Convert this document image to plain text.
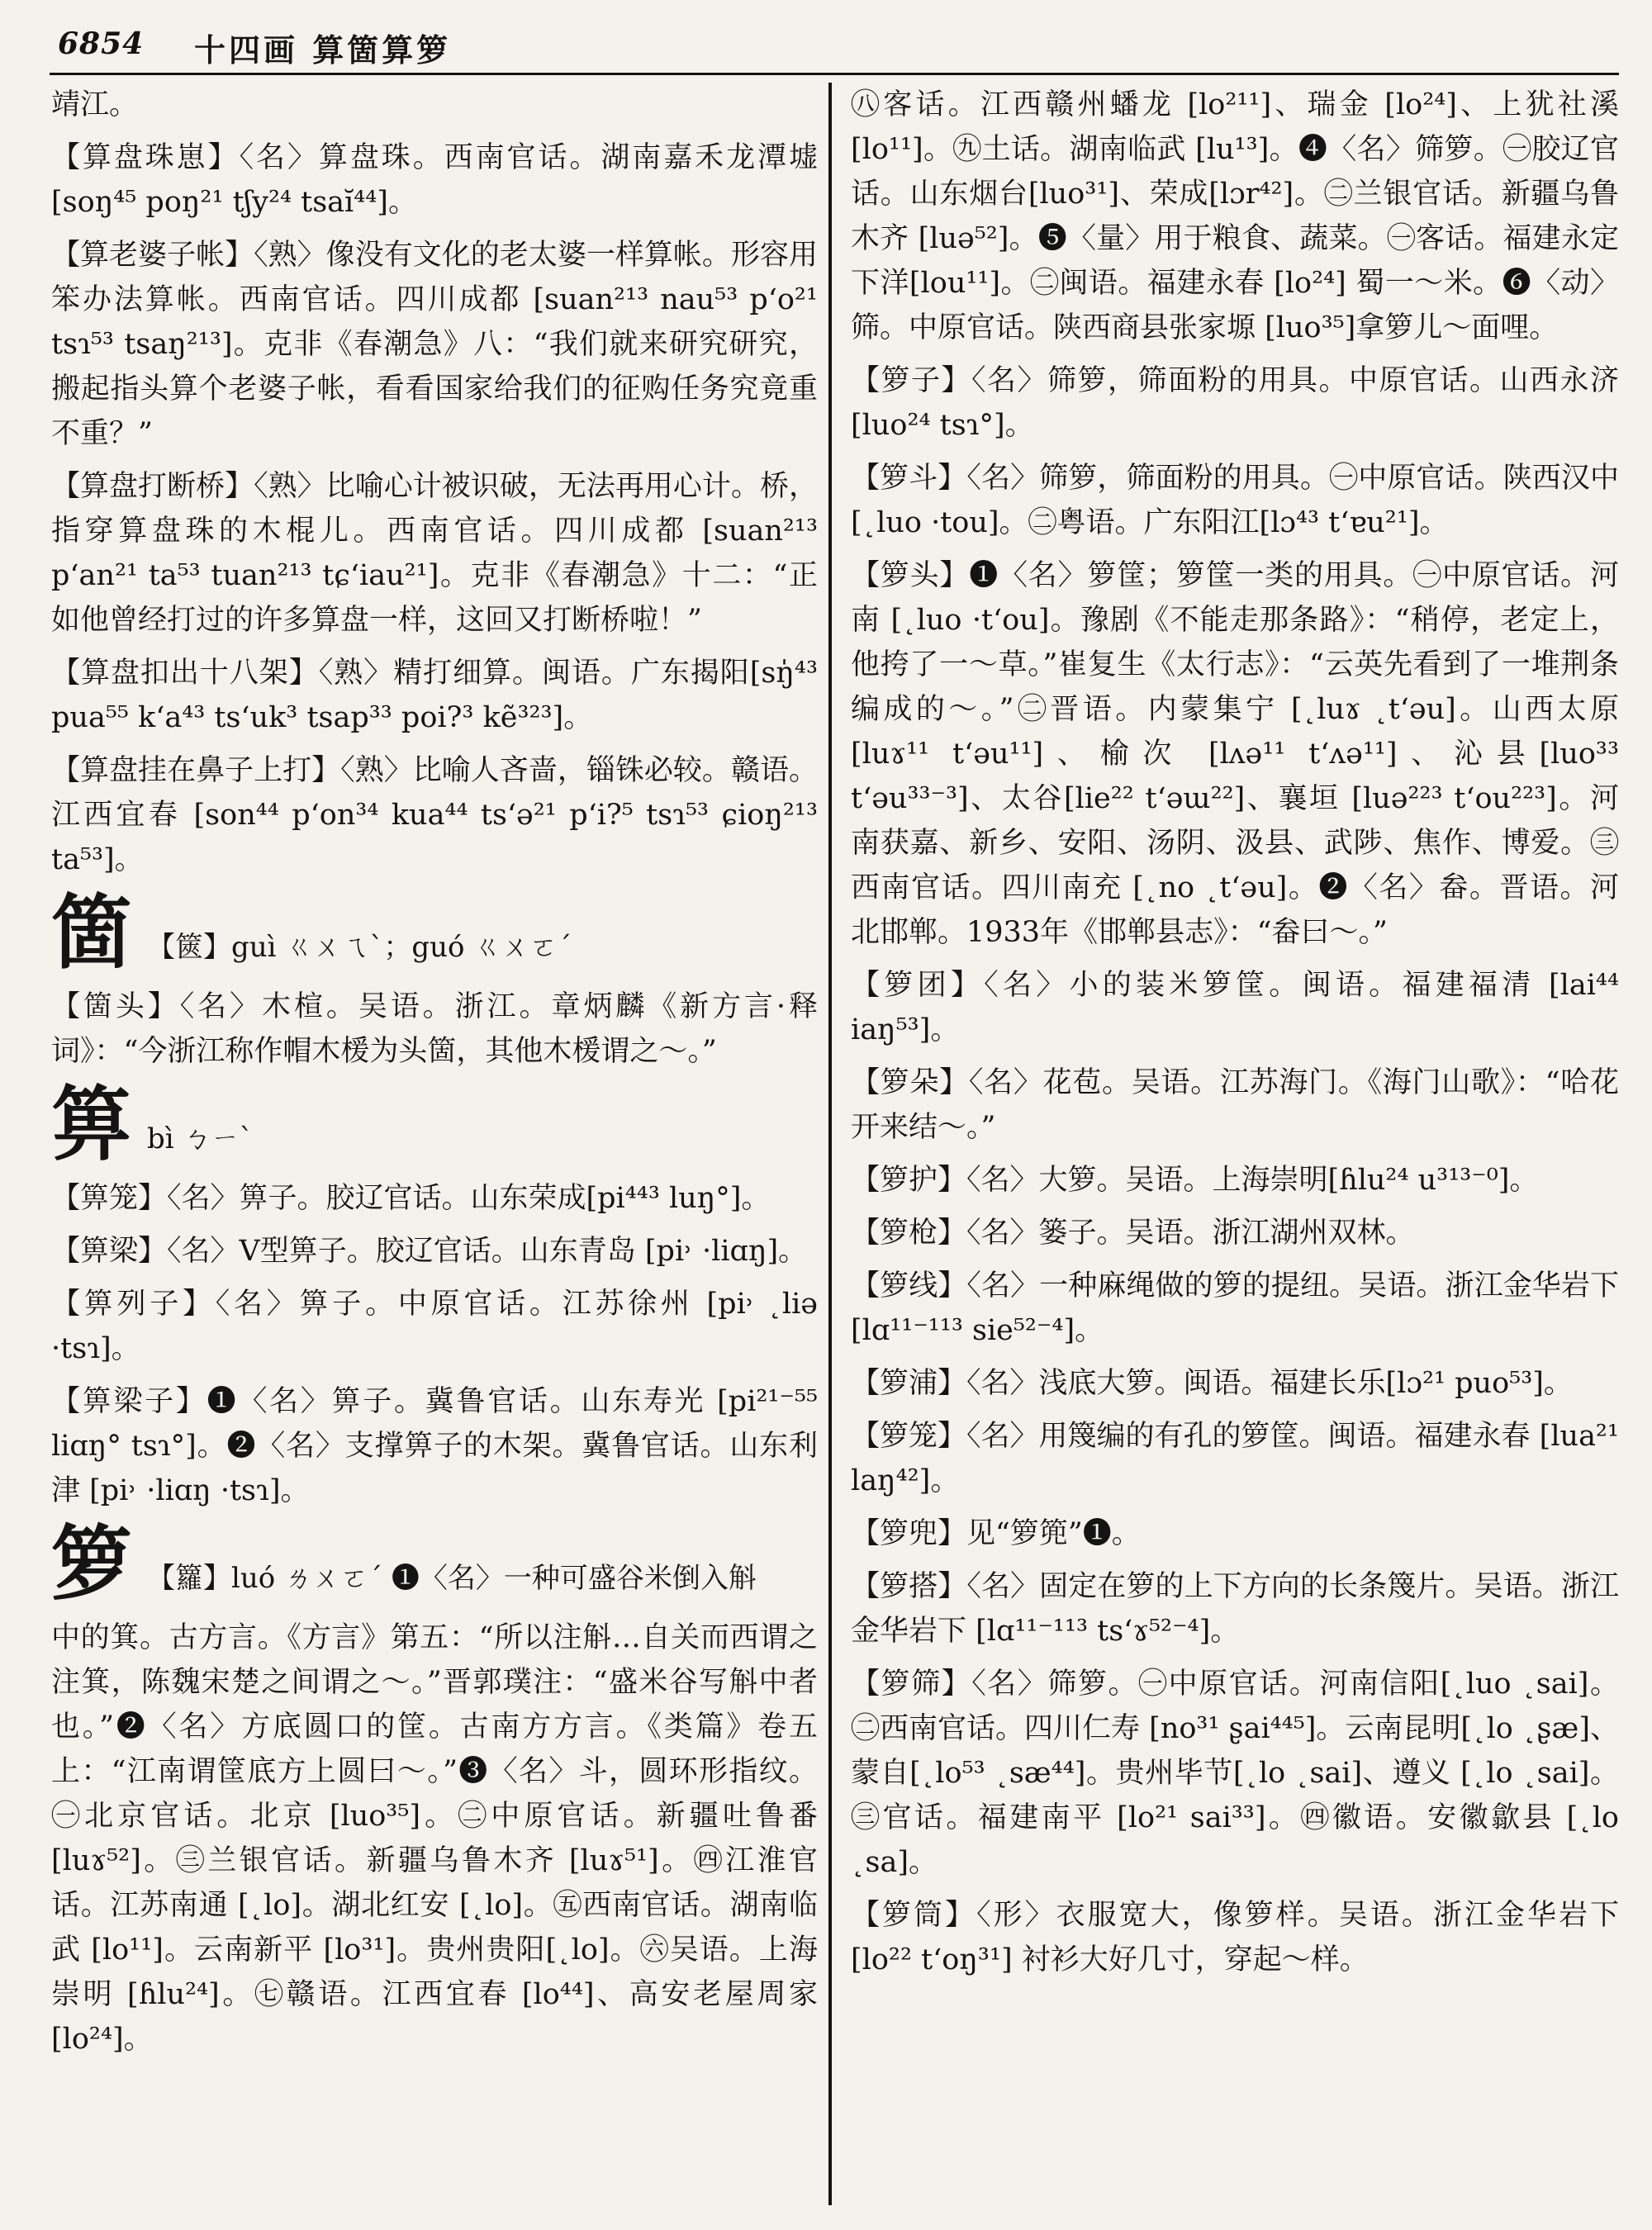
6854 十四画 算箇算箩

靖江。

【算盘珠崽】〈名〉算盘珠。西南官话。湖南嘉禾龙潭墟 [soŋ⁴⁵ poŋ²¹ tʃy²⁴ tsaĭ⁴⁴]。

【算老婆子帐】〈熟〉像没有文化的老太婆一样算帐。形容用笨办法算帐。西南官话。四川成都 [suan²¹³ nau⁵³ pʻo²¹ tsɿ⁵³ tsaŋ²¹³]。克非《春潮急》八：“我们就来研究研究，搬起指头算个老婆子帐，看看国家给我们的征购任务究竟重不重？”

【算盘打断桥】〈熟〉比喻心计被识破，无法再用心计。桥，指穿算盘珠的木棍儿。西南官话。四川成都 [suan²¹³ pʻan²¹ ta⁵³ tuan²¹³ tɕʻiau²¹]。克非《春潮急》十二：“正如他曾经打过的许多算盘一样，这回又打断桥啦！”

【算盘扣出十八架】〈熟〉精打细算。闽语。广东揭阳[sŋ̍⁴³ pua⁵⁵ kʻa⁴³ tsʻuk³ tsap³³ poi?³ kẽ³²³]。

【算盘挂在鼻子上打】〈熟〉比喻人吝啬，锱铢必较。赣语。江西宜春 [son⁴⁴ pʻon³⁴ kua⁴⁴ tsʻə²¹ pʻi?⁵ tsɿ⁵³ ɕioŋ²¹³ ta⁵³]。

箇 【篋】guì ㄍㄨㄟˋ；guó ㄍㄨㄛˊ

【箇头】〈名〉木楦。吴语。浙江。章炳麟《新方言·释词》：“今浙江称作帽木楥为头箇，其他木楥谓之～。”

箅 bì ㄅㄧˋ

【箅笼】〈名〉箅子。胶辽官话。山东荣成[pi⁴⁴³ luŋ°]。

【箅梁】〈名〉V型箅子。胶辽官话。山东青岛 [pi˒ ·liɑŋ]。

【箅列子】〈名〉箅子。中原官话。江苏徐州 [pi˒ ˛liə ·tsɿ]。

【箅梁子】❶〈名〉箅子。冀鲁官话。山东寿光 [pi²¹⁻⁵⁵ liɑŋ° tsɿ°]。❷〈名〉支撑箅子的木架。冀鲁官话。山东利津 [pi˒ ·liɑŋ ·tsɿ]。

箩 【籮】luó ㄌㄨㄛˊ ❶〈名〉一种可盛谷米倒入斛

中的箕。古方言。《方言》第五：“所以注斛…自关而西谓之注箕，陈魏宋楚之间谓之～。”晋郭璞注：“盛米谷写斛中者也。”❷〈名〉方底圆口的筐。古南方方言。《类篇》卷五上：“江南谓筐底方上圆曰～。”❸〈名〉斗，圆环形指纹。㊀北京官话。北京 [luo³⁵]。㊁中原官话。新疆吐鲁番 [luɤ⁵²]。㊂兰银官话。新疆乌鲁木齐 [luɤ⁵¹]。㊃江淮官话。江苏南通 [˛lo]。湖北红安 [˛lo]。㊄西南官话。湖南临武 [lo¹¹]。云南新平 [lo³¹]。贵州贵阳[˛lo]。㊅吴语。上海崇明 [ɦlu²⁴]。㊆赣语。江西宜春 [lo⁴⁴]、高安老屋周家 [lo²⁴]。

㊇客话。江西赣州蟠龙 [lo²¹¹]、瑞金 [lo²⁴]、上犹社溪 [lo¹¹]。㊈土话。湖南临武 [lu¹³]。❹〈名〉筛箩。㊀胶辽官话。山东烟台[luo³¹]、荣成[lɔr⁴²]。㊁兰银官话。新疆乌鲁木齐 [luə⁵²]。❺〈量〉用于粮食、蔬菜。㊀客话。福建永定下洋[lou¹¹]。㊁闽语。福建永春 [lo²⁴] 蜀一～米。❻〈动〉筛。中原官话。陕西商县张家塬 [luo³⁵]拿箩儿～面哩。

【箩子】〈名〉筛箩，筛面粉的用具。中原官话。山西永济 [luo²⁴ tsɿ°]。

【箩斗】〈名〉筛箩，筛面粉的用具。㊀中原官话。陕西汉中[˛luo ·tou]。㊁粤语。广东阳江[lɔ⁴³ tʻɐu²¹]。

【箩头】❶〈名〉箩筐；箩筐一类的用具。㊀中原官话。河南 [˛luo ·tʻou]。豫剧《不能走那条路》：“稍停，老定上，他挎了一～草。”崔复生《太行志》：“云英先看到了一堆荆条编成的～。”㊁晋语。内蒙集宁 [˛luɤ ˛tʻəu]。山西太原 [luɤ¹¹ tʻəu¹¹]、榆次 [lʌə¹¹ tʻʌə¹¹]、沁县[luo³³ tʻəu³³⁻³]、太谷[lie²² tʻəɯ²²]、襄垣 [luə²²³ tʻou²²³]。河南获嘉、新乡、安阳、汤阴、汲县、武陟、焦作、博爱。㊂西南官话。四川南充 [˛no ˛tʻəu]。❷〈名〉畚。晋语。河北邯郸。1933年《邯郸县志》：“畚曰～。”

【箩团】〈名〉小的装米箩筐。闽语。福建福清 [lai⁴⁴ iaŋ⁵³]。

【箩朵】〈名〉花苞。吴语。江苏海门。《海门山歌》：“哈花开来结～。”

【箩护】〈名〉大箩。吴语。上海崇明[ɦlu²⁴ u³¹³⁻⁰]。

【箩枪】〈名〉篓子。吴语。浙江湖州双林。

【箩线】〈名〉一种麻绳做的箩的提纽。吴语。浙江金华岩下 [lɑ¹¹⁻¹¹³ sie⁵²⁻⁴]。

【箩浦】〈名〉浅底大箩。闽语。福建长乐[lɔ²¹ puo⁵³]。

【箩笼】〈名〉用篾编的有孔的箩筐。闽语。福建永春 [lua²¹ laŋ⁴²]。

【箩兜】见“箩篼”❶。

【箩搭】〈名〉固定在箩的上下方向的长条篾片。吴语。浙江金华岩下 [lɑ¹¹⁻¹¹³ tsʻɤ⁵²⁻⁴]。

【箩筛】〈名〉筛箩。㊀中原官话。河南信阳[˛luo ˛sai]。㊁西南官话。四川仁寿 [no³¹ ʂai⁴⁴⁵]。云南昆明[˛lo ˛ʂæ]、蒙自[˛lo⁵³ ˛sæ⁴⁴]。贵州毕节[˛lo ˛sai]、遵义 [˛lo ˛sai]。㊂官话。福建南平 [lo²¹ sai³³]。㊃徽语。安徽歙县 [˛lo ˛sa]。

【箩筒】〈形〉衣服宽大，像箩样。吴语。浙江金华岩下 [lo²² tʻoŋ³¹] 衬衫大好几寸，穿起～样。
